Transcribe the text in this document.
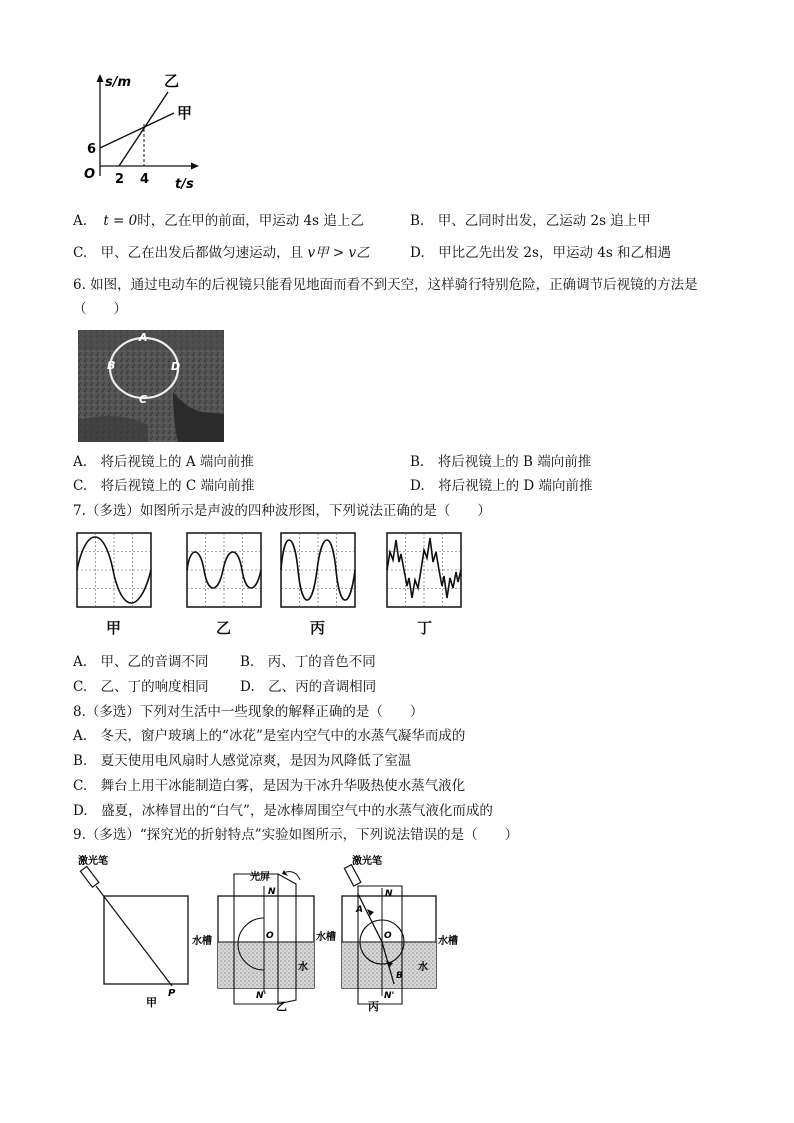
s/m
t/s
O
6
2 4
乙
甲
A. t = 0时，乙在甲的前面，甲运动 4s 追上乙	B.　甲、乙同时出发，乙运动 2s 追上甲
C.　甲、乙在出发后都做匀速运动，且 v甲 > v乙	D.　甲比乙先出发 2s，甲运动 4s 和乙相遇
6. 如图，通过电动车的后视镜只能看见地面而看不到天空，这样骑行特别危险，正确调节后视镜的方法是
（　　）
A
B
C
D
A.　将后视镜上的 A 端向前推	B.　将后视镜上的 B 端向前推
C.　将后视镜上的 C 端向前推	D.　将后视镜上的 D 端向前推
7.（多选）如图所示是声波的四种波形图，下列说法正确的是（　　）
甲	乙	丙	丁
A.　甲、乙的音调不同 B.　丙、丁的音色不同
C.　乙、丁的响度相同 D.　乙、丙的音调相同
8.（多选）下列对生活中一些现象的解释正确的是（　　）
A.　冬天，窗户玻璃上的“冰花”是室内空气中的水蒸气凝华而成的
B.　夏天使用电风扇时人感觉凉爽，是因为风降低了室温
C.　舞台上用干冰能制造白雾，是因为干冰升华吸热使水蒸气液化
D.　盛夏，冰棒冒出的“白气”，是冰棒周围空气中的水蒸气液化而成的
9.（多选）“探究光的折射特点”实验如图所示，下列说法错误的是（　　）
激光笔
水槽
P
甲
光屏
N
O	水槽
水
N'
乙
激光笔
N
A
O	水槽
水
B
N'
丙
